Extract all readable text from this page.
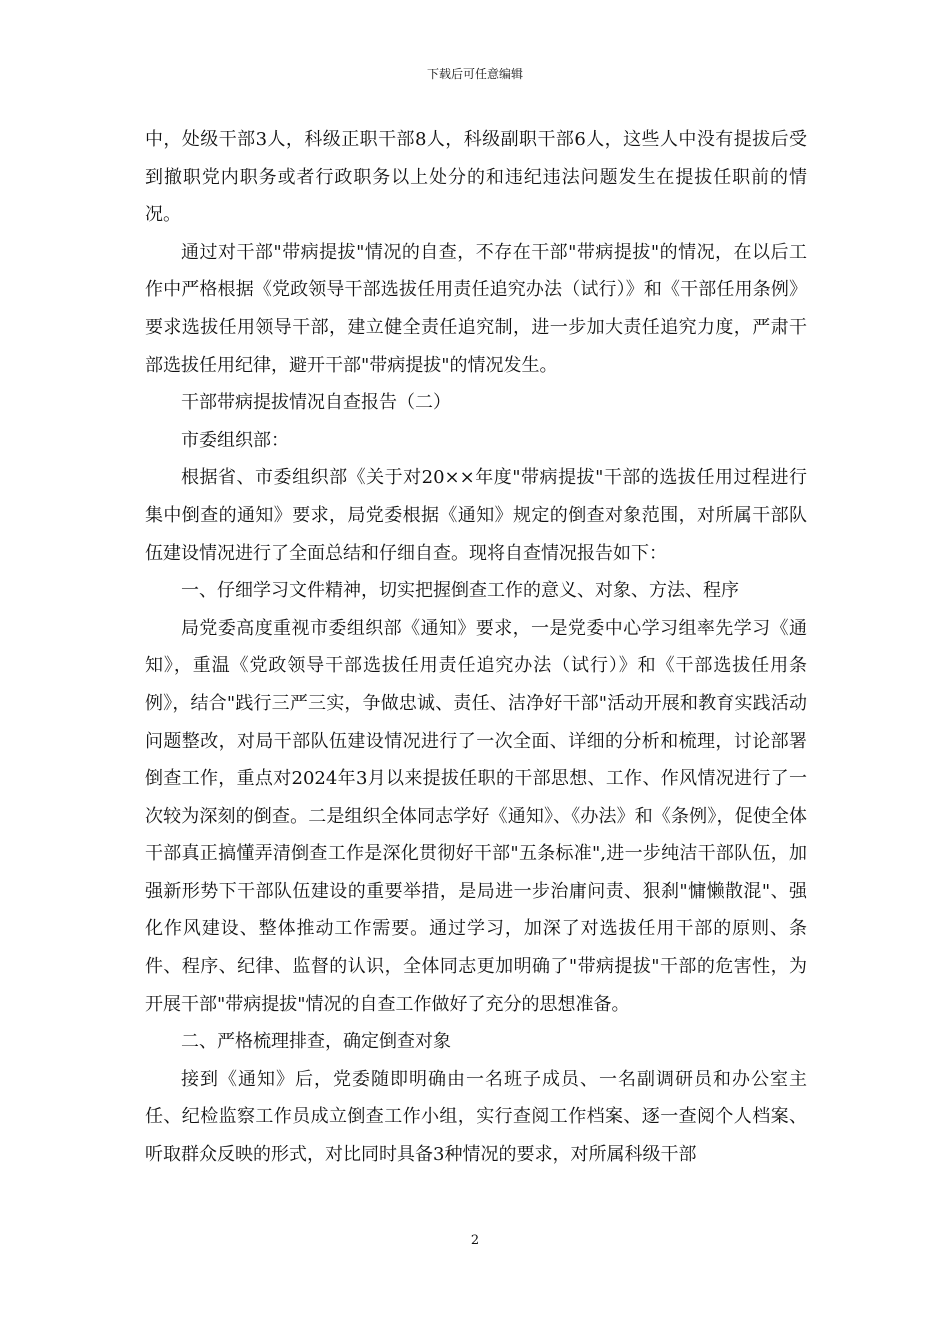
下载后可任意编辑

中，处级干部3人，科级正职干部8人，科级副职干部6人，这些人中没有提拔后受到撤职党内职务或者行政职务以上处分的和违纪违法问题发生在提拔任职前的情况。

通过对干部"带病提拔"情况的自查，不存在干部"带病提拔"的情况，在以后工作中严格根据《党政领导干部选拔任用责任追究办法（试行）》和《干部任用条例》要求选拔任用领导干部，建立健全责任追究制，进一步加大责任追究力度，严肃干部选拔任用纪律，避开干部"带病提拔"的情况发生。

干部带病提拔情况自查报告（二）

市委组织部：

根据省、市委组织部《关于对20××年度"带病提拔"干部的选拔任用过程进行集中倒查的通知》要求，局党委根据《通知》规定的倒查对象范围，对所属干部队伍建设情况进行了全面总结和仔细自查。现将自查情况报告如下：

一、仔细学习文件精神，切实把握倒查工作的意义、对象、方法、程序

局党委高度重视市委组织部《通知》要求，一是党委中心学习组率先学习《通知》，重温《党政领导干部选拔任用责任追究办法（试行）》和《干部选拔任用条例》，结合"践行三严三实，争做忠诚、责任、洁净好干部"活动开展和教育实践活动问题整改，对局干部队伍建设情况进行了一次全面、详细的分析和梳理，讨论部署倒查工作，重点对2024年3月以来提拔任职的干部思想、工作、作风情况进行了一次较为深刻的倒查。二是组织全体同志学好《通知》、《办法》和《条例》，促使全体干部真正搞懂弄清倒查工作是深化贯彻好干部"五条标准",进一步纯洁干部队伍，加强新形势下干部队伍建设的重要举措，是局进一步治庸问责、狠刹"慵懒散混"、强化作风建设、整体推动工作需要。通过学习，加深了对选拔任用干部的原则、条件、程序、纪律、监督的认识，全体同志更加明确了"带病提拔"干部的危害性，为开展干部"带病提拔"情况的自查工作做好了充分的思想准备。

二、严格梳理排查，确定倒查对象

接到《通知》后，党委随即明确由一名班子成员、一名副调研员和办公室主任、纪检监察工作员成立倒查工作小组，实行查阅工作档案、逐一查阅个人档案、听取群众反映的形式，对比同时具备3种情况的要求，对所属科级干部

2
